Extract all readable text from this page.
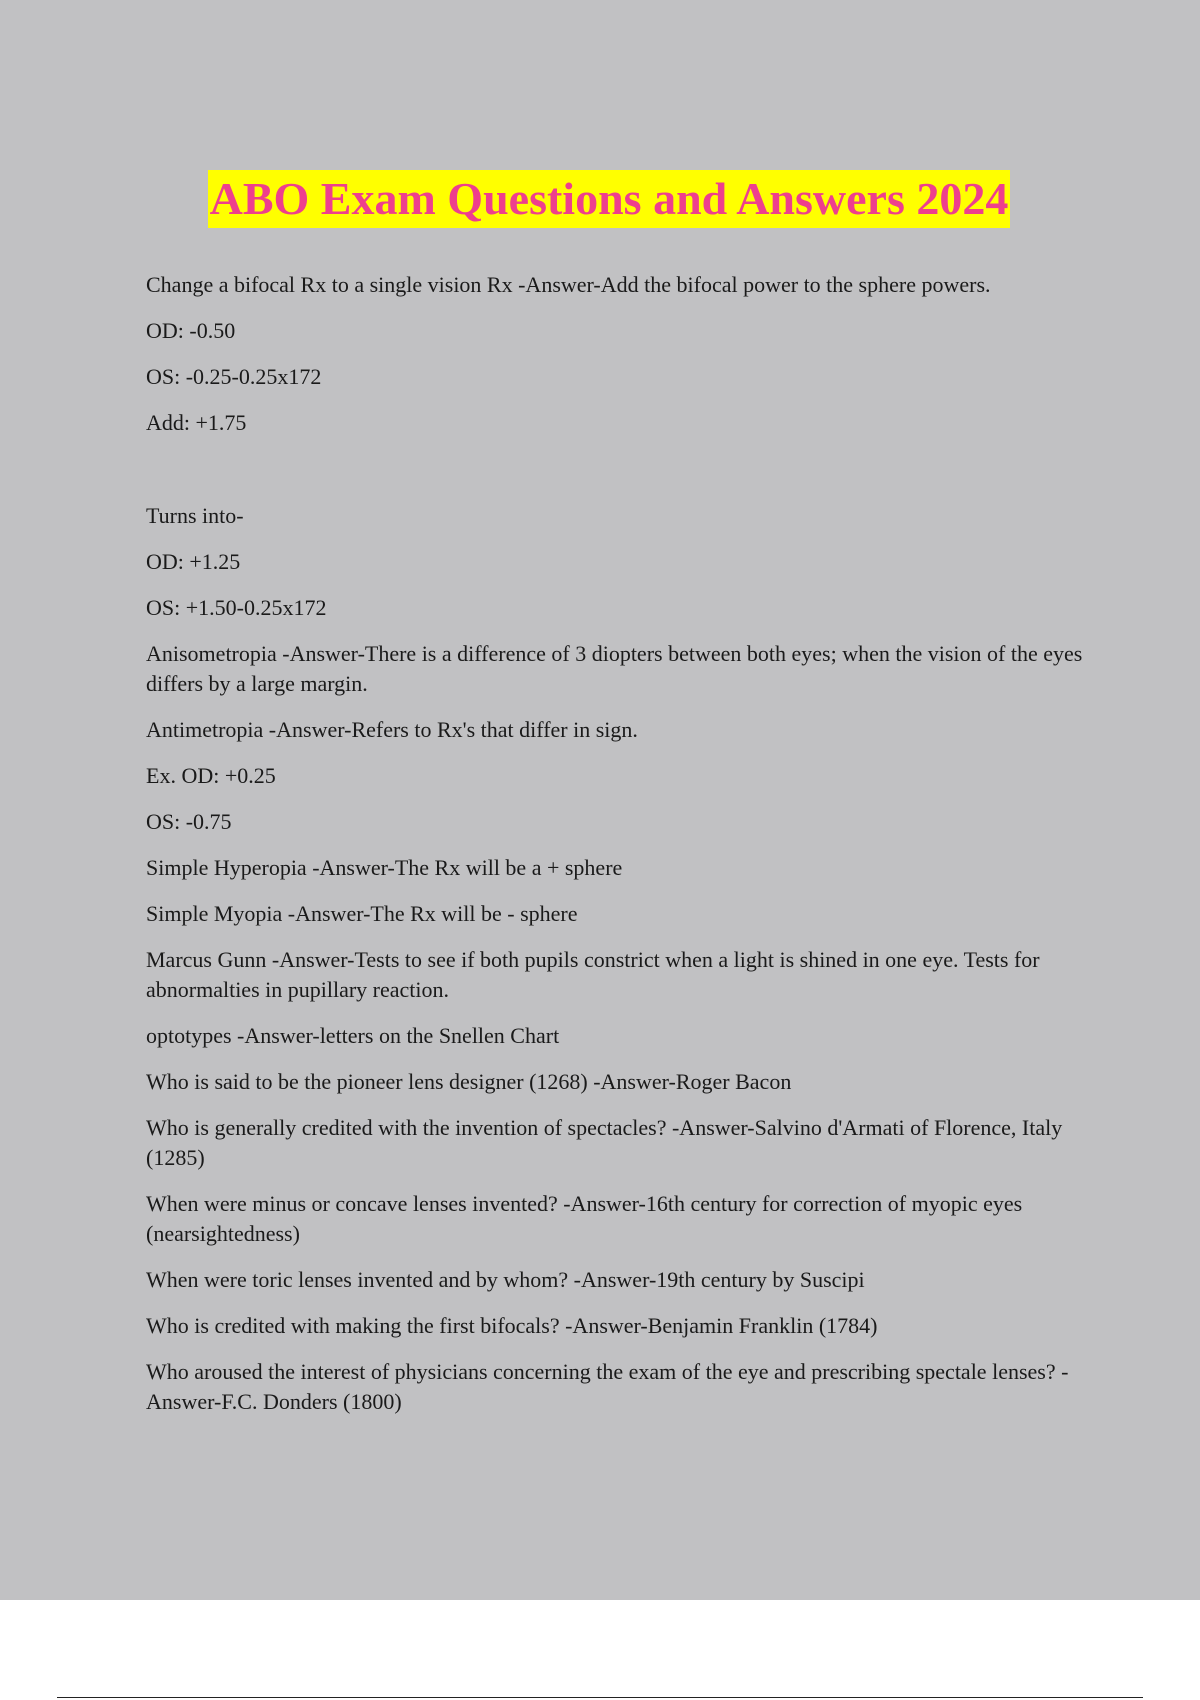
ABO Exam Questions and Answers 2024

Change a bifocal Rx to a single vision Rx -Answer-Add the bifocal power to the sphere powers.

OD: -0.50

OS: -0.25-0.25x172

Add: +1.75

Turns into-

OD: +1.25

OS: +1.50-0.25x172

Anisometropia -Answer-There is a difference of 3 diopters between both eyes; when the vision of the eyes differs by a large margin.

Antimetropia -Answer-Refers to Rx's that differ in sign.

Ex. OD: +0.25

OS: -0.75

Simple Hyperopia -Answer-The Rx will be a + sphere

Simple Myopia -Answer-The Rx will be - sphere

Marcus Gunn -Answer-Tests to see if both pupils constrict when a light is shined in one eye. Tests for abnormalties in pupillary reaction.

optotypes -Answer-letters on the Snellen Chart

Who is said to be the pioneer lens designer (1268) -Answer-Roger Bacon

Who is generally credited with the invention of spectacles? -Answer-Salvino d'Armati of Florence, Italy (1285)

When were minus or concave lenses invented? -Answer-16th century for correction of myopic eyes (nearsightedness)

When were toric lenses invented and by whom? -Answer-19th century by Suscipi

Who is credited with making the first bifocals? -Answer-Benjamin Franklin (1784)

Who aroused the interest of physicians concerning the exam of the eye and prescribing spectale lenses? -Answer-F.C. Donders (1800)
